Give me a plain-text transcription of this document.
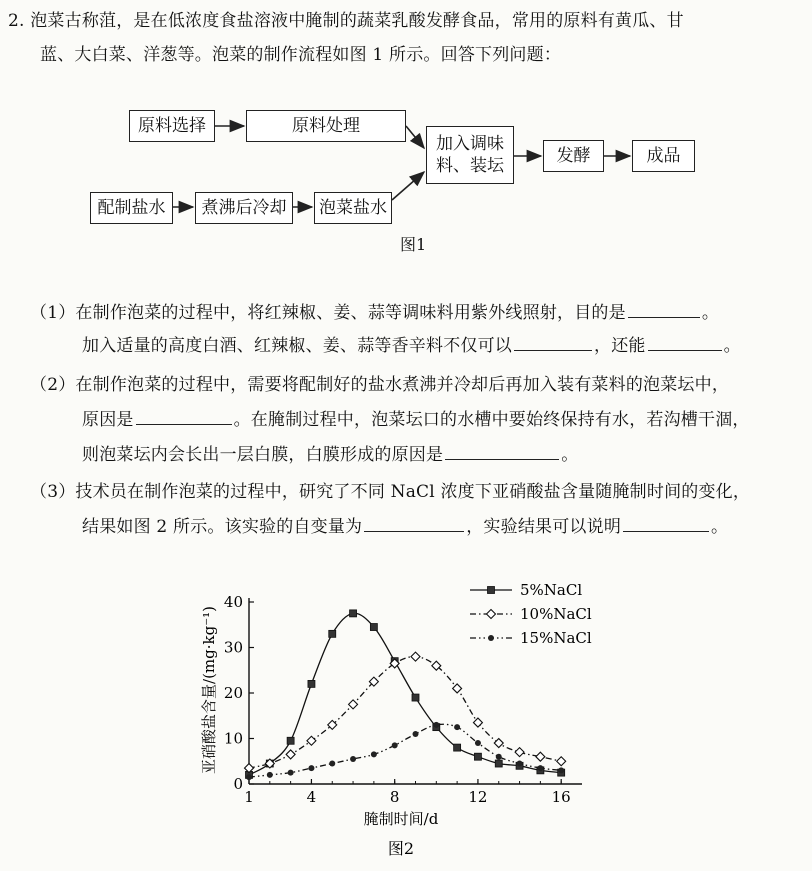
2. 泡菜古称菹，是在低浓度食盐溶液中腌制的蔬菜乳酸发酵食品，常用的原料有黄瓜、甘
蓝、大白菜、洋葱等。泡菜的制作流程如图 1 所示。回答下列问题：
原料选择	原料处理
配制盐水	煮沸后冷却	泡菜盐水
加入调味
料、装坛	发酵	成品
图1
（1）在制作泡菜的过程中，将红辣椒、姜、蒜等调味料用紫外线照射，目的是	。
加入适量的高度白酒、红辣椒、姜、蒜等香辛料不仅可以	，还能	。
（2）在制作泡菜的过程中，需要将配制好的盐水煮沸并冷却后再加入装有菜料的泡菜坛中，
原因是	。在腌制过程中，泡菜坛口的水槽中要始终保持有水，若沟槽干涸，
则泡菜坛内会长出一层白膜，白膜形成的原因是	。
（3）技术员在制作泡菜的过程中，研究了不同 NaCl 浓度下亚硝酸盐含量随腌制时间的变化，
结果如图 2 所示。该实验的自变量为	，实验结果可以说明	。
1	4	8	12	16
0
10
20
30
40
5%NaCl
10%NaCl
15%NaCl
腌制时间/d
亚硝酸盐含量/(mg·kg⁻¹)
图2
